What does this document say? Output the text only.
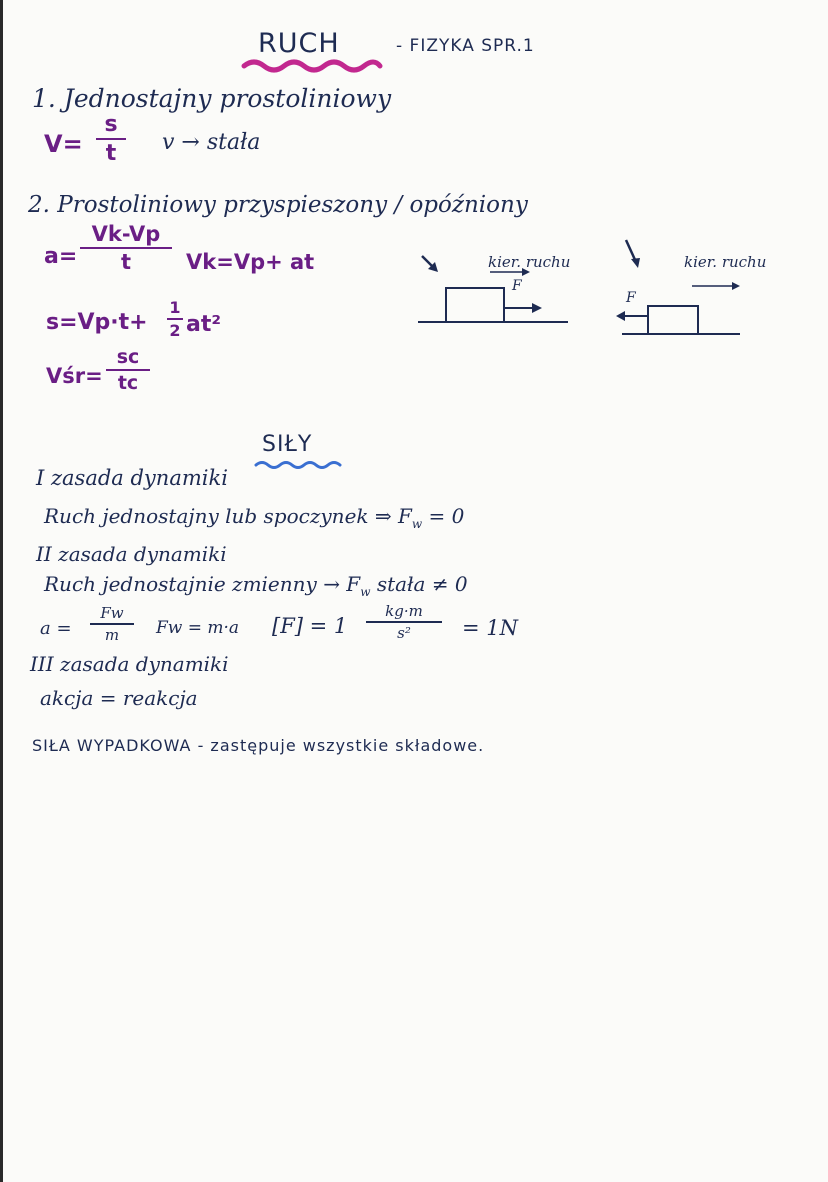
RUCH	- FIZYKA SPR.1
1. Jednostajny prostoliniowy
V=
s
t	v → stała
2. Prostoliniowy przyspieszony / opóźniony
a=
Vk-Vp
t	Vk=Vp+ at
s=Vp·t+
1
2 at²
Vśr=
sc
tc
kier. ruchu
F
kier. ruchu
F
SIŁY
I zasada dynamiki
Ruch jednostajny lub spoczynek ⇒ $F_w = 0$
II zasada dynamiki
Ruch jednostajnie zmienny → $F_w$ stała ≠ 0
a =
Fw
m	Fw = m·a [F] = 1
kg·m
s²	= 1N
III zasada dynamiki
akcja = reakcja
SIŁA WYPADKOWA - zastępuje wszystkie składowe.
